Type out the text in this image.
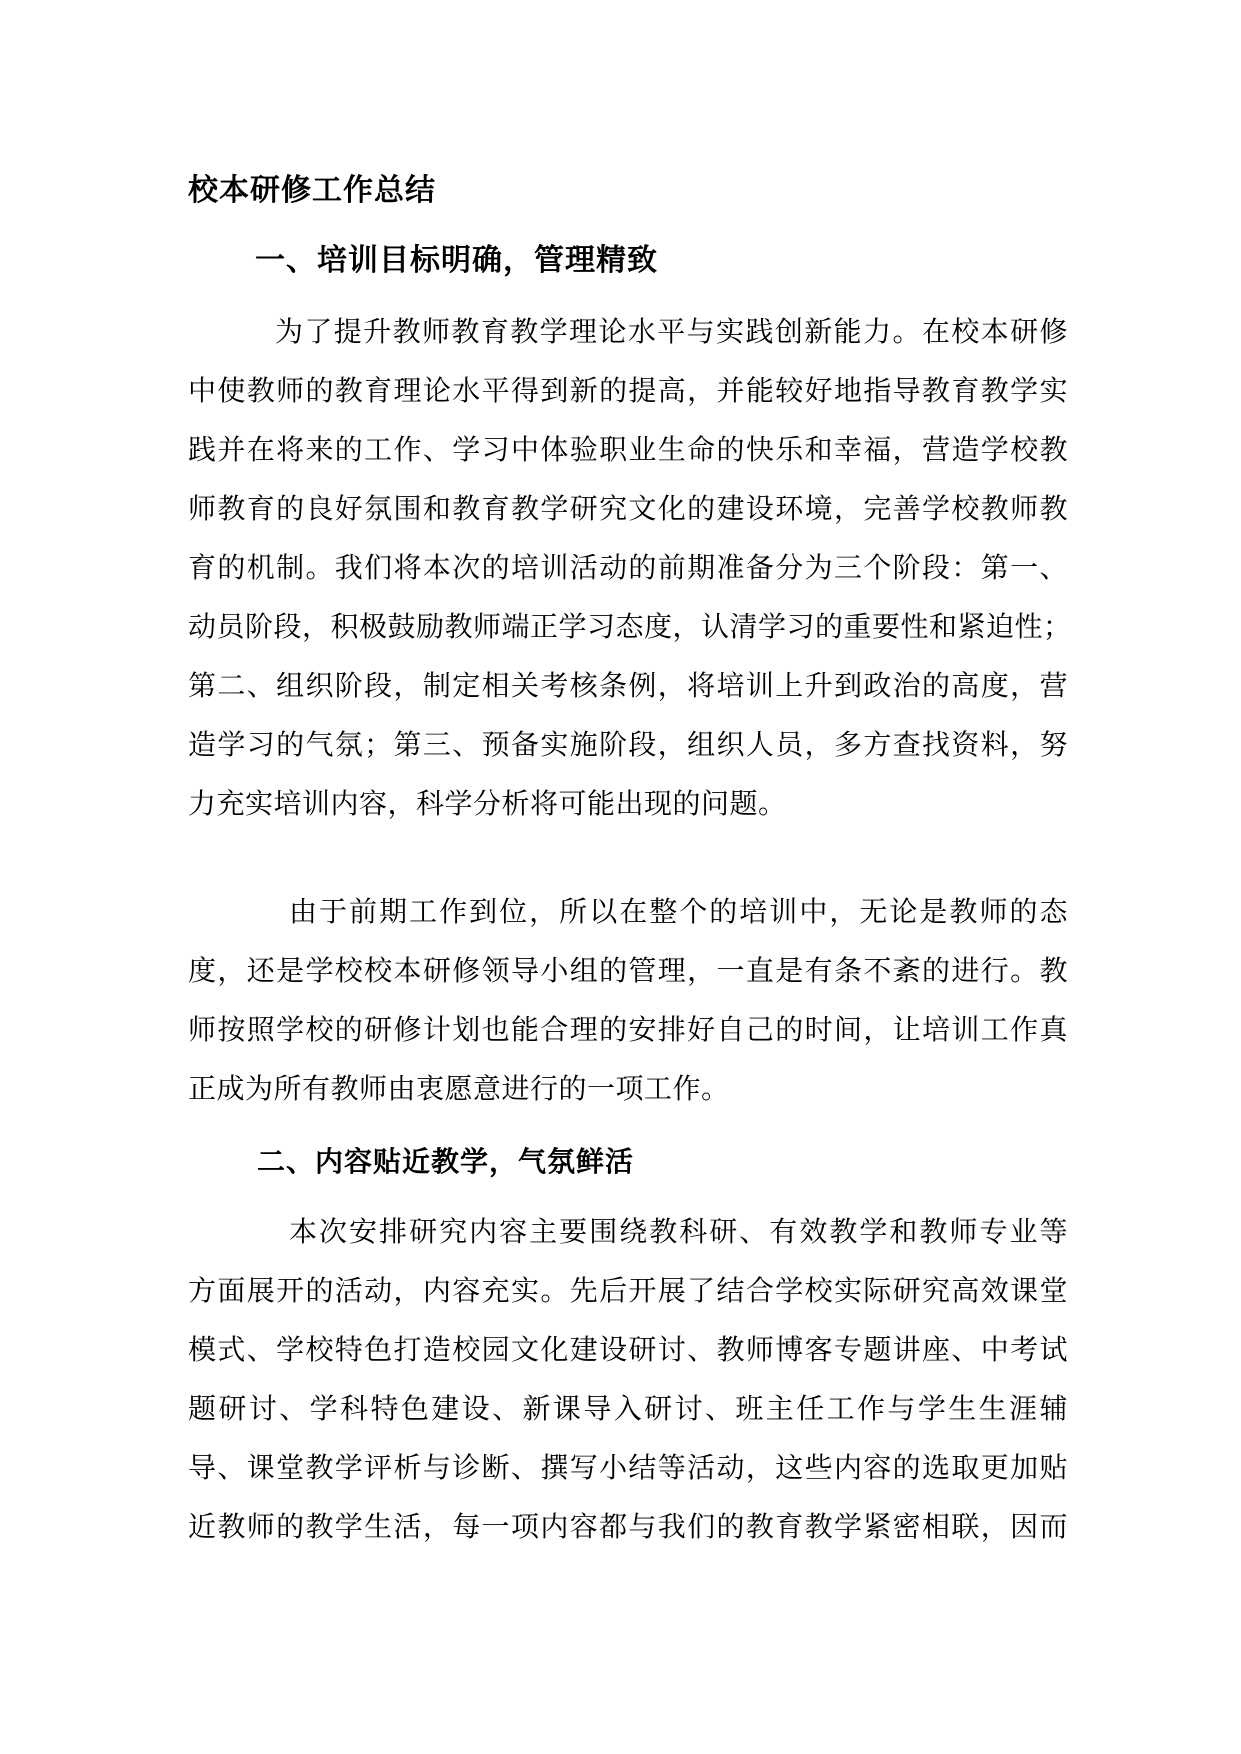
校本研修工作总结
一、培训目标明确，管理精致
为了提升教师教育教学理论水平与实践创新能力。在校本研修
中使教师的教育理论水平得到新的提高，并能较好地指导教育教学实
践并在将来的工作、学习中体验职业生命的快乐和幸福，营造学校教
师教育的良好氛围和教育教学研究文化的建设环境，完善学校教师教
育的机制。我们将本次的培训活动的前期准备分为三个阶段：第一、
动员阶段，积极鼓励教师端正学习态度，认清学习的重要性和紧迫性；
第二、组织阶段，制定相关考核条例，将培训上升到政治的高度，营
造学习的气氛；第三、预备实施阶段，组织人员，多方查找资料，努
力充实培训内容，科学分析将可能出现的问题。
由于前期工作到位，所以在整个的培训中，无论是教师的态
度，还是学校校本研修领导小组的管理，一直是有条不紊的进行。教
师按照学校的研修计划也能合理的安排好自己的时间，让培训工作真
正成为所有教师由衷愿意进行的一项工作。
二、内容贴近教学，气氛鲜活
本次安排研究内容主要围绕教科研、有效教学和教师专业等
方面展开的活动，内容充实。先后开展了结合学校实际研究高效课堂
模式、学校特色打造校园文化建设研讨、教师博客专题讲座、中考试
题研讨、学科特色建设、新课导入研讨、班主任工作与学生生涯辅
导、课堂教学评析与诊断、撰写小结等活动，这些内容的选取更加贴
近教师的教学生活，每一项内容都与我们的教育教学紧密相联，因而
